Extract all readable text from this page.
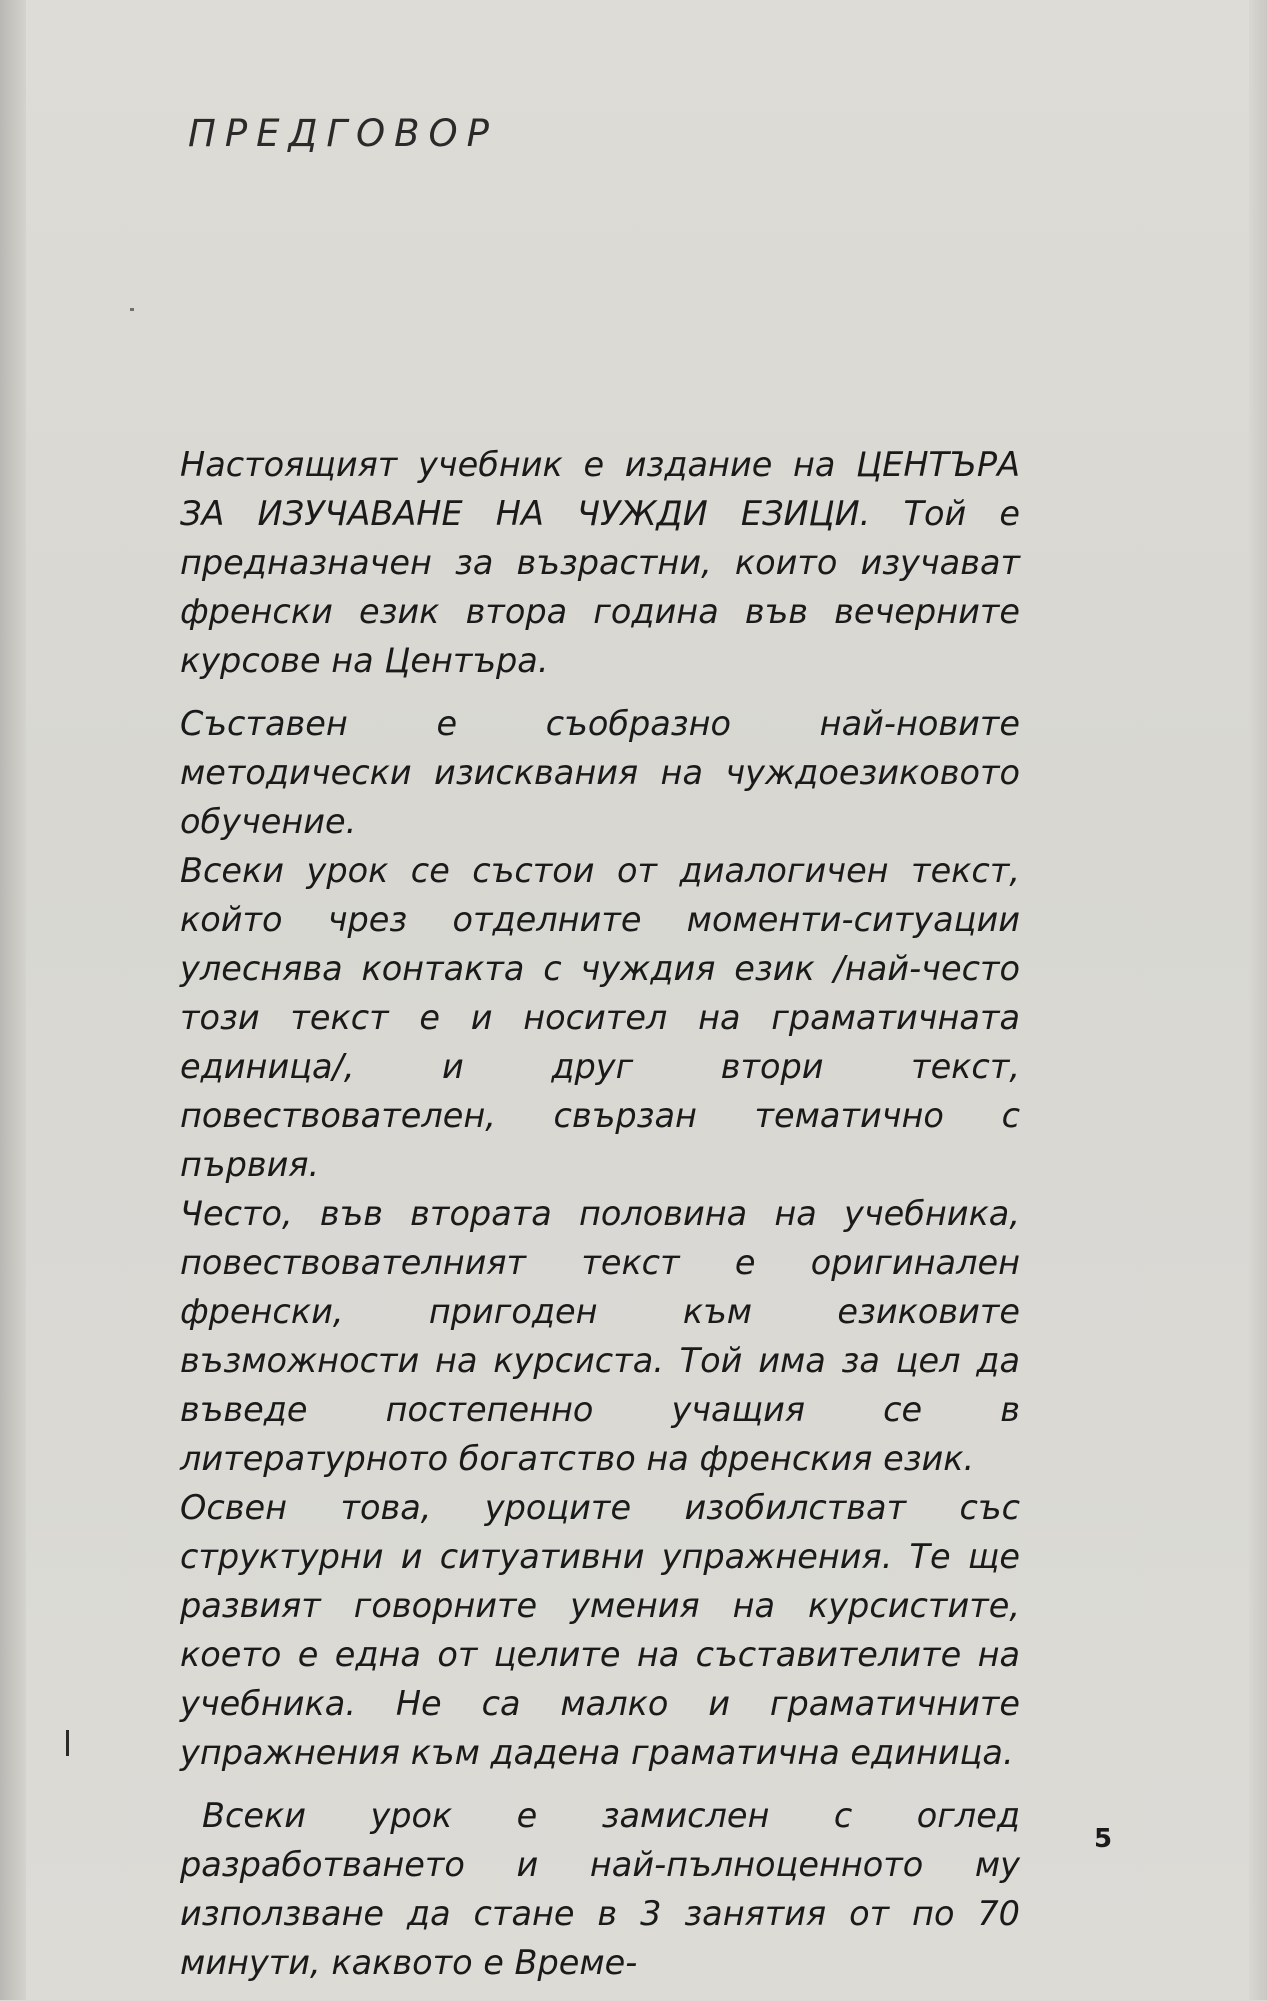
ПРЕДГОВОР

Настоящият учебник е издание на ЦЕНТЪРА ЗА ИЗУЧАВАНЕ НА ЧУЖДИ ЕЗИЦИ. Той е предназначен за възрастни, които изучават френски език втора година във вечерните курсове на Центъра.

Съставен е съобразно най-новите методически изисквания на чуждоезиковото обучение.

Всеки урок се състои от диалогичен текст, който чрез отделните моменти-ситуации улеснява контакта с чуждия език /най-често този текст е и носител на граматичната единица/, и друг втори текст, повествователен, свързан тематично с първия.

Често, във втората половина на учебника, повествователният текст е оригинален френски, пригоден към езиковите възможности на курсиста. Той има за цел да въведе постепенно учащия се в литературното богатство на френския език.

Освен това, уроците изобилстват със структурни и ситуативни упражнения. Те ще развият говорните умения на курсистите, което е една от целите на съставителите на учебника. Не са малко и граматичните упражнения към дадена граматична единица.

Всеки урок е замислен с оглед разработването и най-пълноценното му използване да стане в 3 занятия от по 70 минути, каквото е Време-

5
